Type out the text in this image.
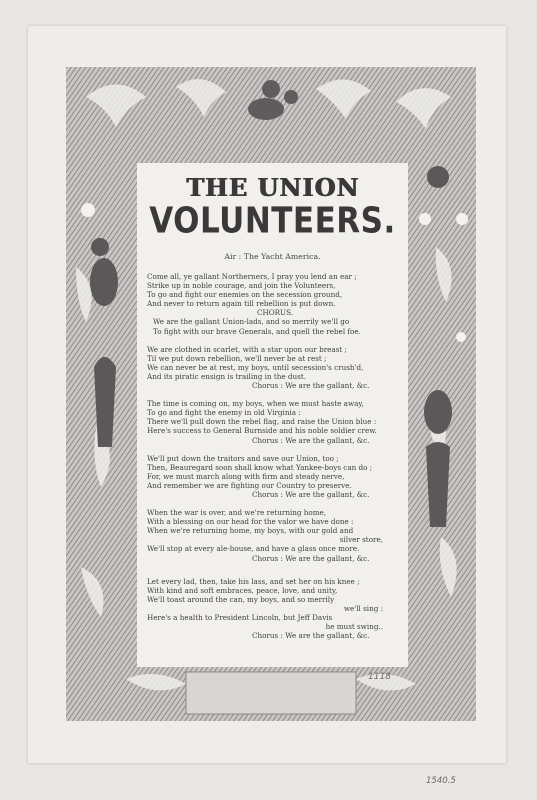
THE UNION
VOLUNTEERS.
Air : The Yacht America.
Come all, ye gallant Northerners, I pray you lend an ear ;
Strike up in noble courage, and join the Volunteers,
To go and fight our enemies on the secession ground,
And never to return again till rebellion is put down.
CHORUS.
We are the gallant Union-lads, and so merrily we'll go
To fight with our brave Generals, and quell the rebel foe.
We are clothed in scarlet, with a star upon our breast ;
Til we put down rebellion, we'll never be at rest ;
We can never be at rest, my boys, until secession's crush'd,
And its piratic ensign is trailing in the dust.
Chorus : We are the gallant, &c.
The time is coming on, my boys, when we must haste away,
To go and fight the enemy in old Virginia :
There we'll pull down the rebel flag, and raise the Union blue :
Here's success to General Burnside and his noble soldier crew.
Chorus : We are the gallant, &c.
We'll put down the traitors and save our Union, too ;
Then, Beauregard soon shall know what Yankee-boys can do ;
For, we must march along with firm and steady nerve,
And remember we are fighting our Country to preserve.
Chorus : We are the gallant, &c.
When the war is over, and we're returning home,
With a blessing on our head for the valor we have done :
When we're returning home, my boys, with our gold and
silver store,
We'll stop at every ale-house, and have a glass once more.
Chorus : We are the gallant, &c.
Let every lad, then, take his lass, and set her on his knee ;
With kind and soft embraces, peace, love, and unity,
We'll toast around the can, my boys, and so merrily
we'll sing :
Here's a health to President Lincoln, but Jeff Davis
he must swing..
Chorus : We are the gallant, &c.
1118
1540.5
